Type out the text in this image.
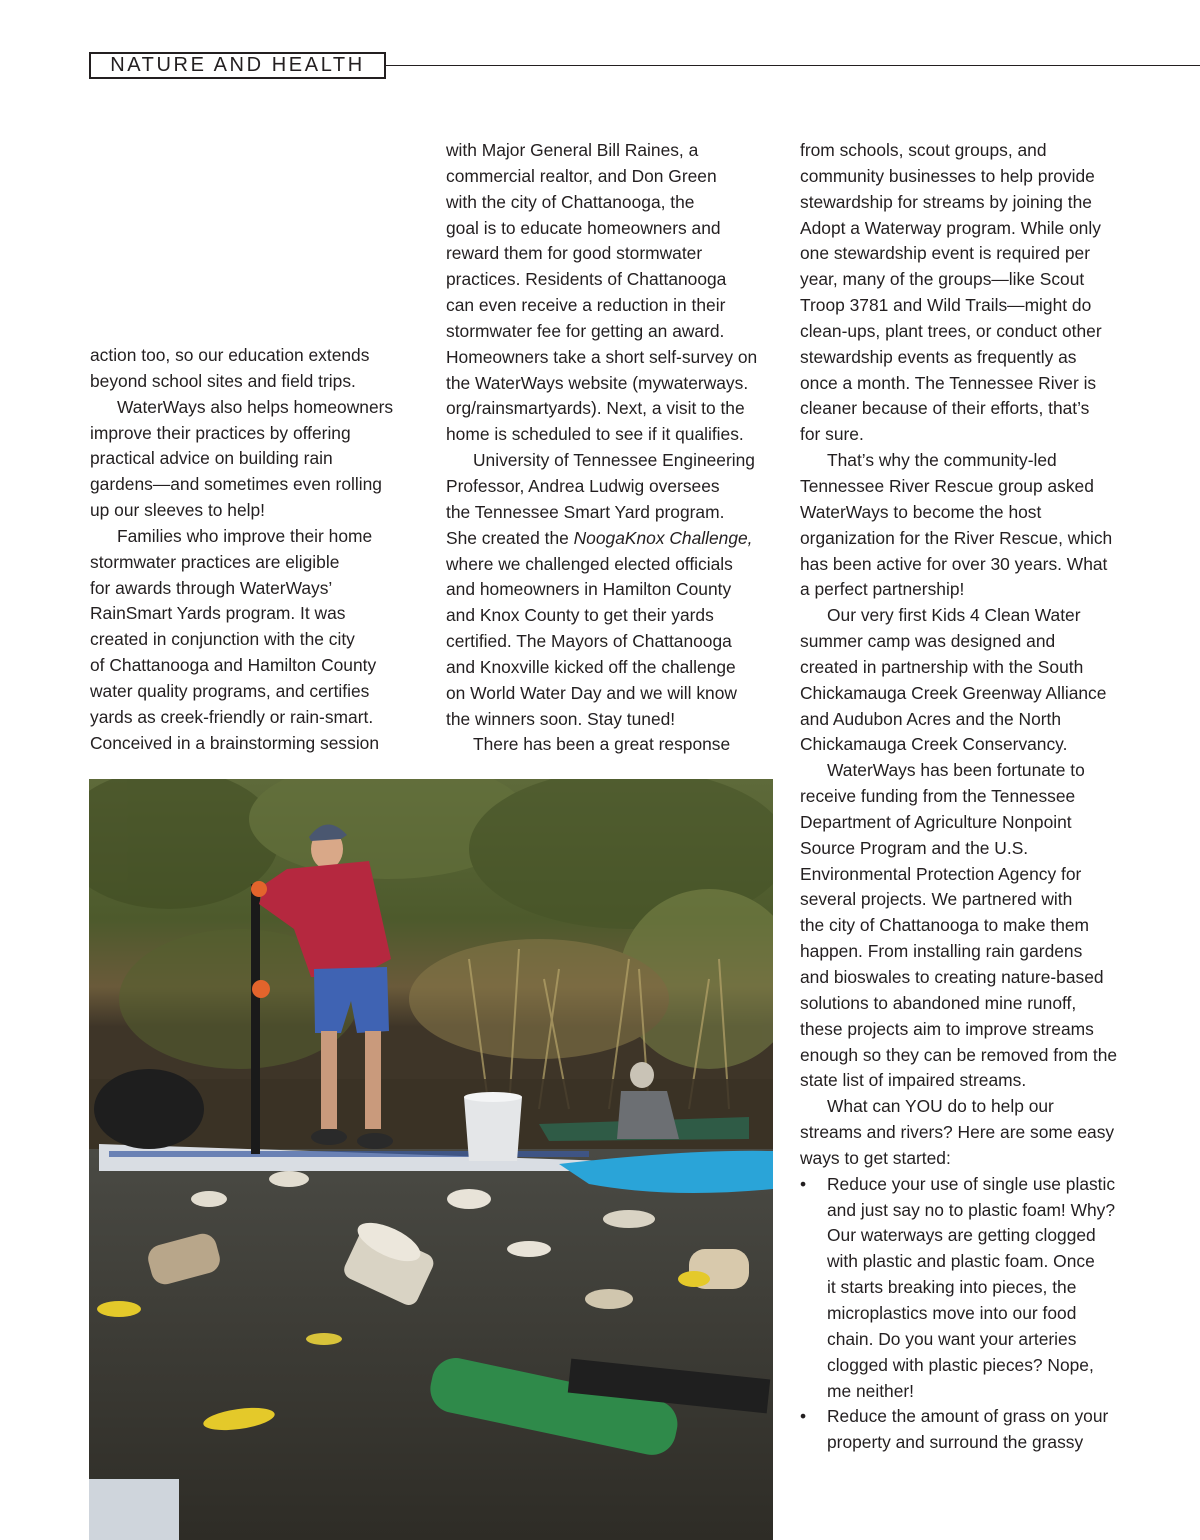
NATURE AND HEALTH
action too, so our education extends
beyond school sites and field trips.
WaterWays also helps homeowners
improve their practices by offering
practical advice on building rain
gardens—and sometimes even rolling
up our sleeves to help!
Families who improve their home
stormwater practices are eligible
for awards through WaterWays’
RainSmart Yards program. It was
created in conjunction with the city
of Chattanooga and Hamilton County
water quality programs, and certifies
yards as creek-friendly or rain-smart.
Conceived in a brainstorming session
with Major General Bill Raines, a
commercial realtor, and Don Green
with the city of Chattanooga, the
goal is to educate homeowners and
reward them for good stormwater
practices. Residents of Chattanooga
can even receive a reduction in their
stormwater fee for getting an award.
Homeowners take a short self-survey on
the WaterWays website (mywaterways.
org/rainsmartyards). Next, a visit to the
home is scheduled to see if it qualifies.
University of Tennessee Engineering
Professor, Andrea Ludwig oversees
the Tennessee Smart Yard program.
She created the NoogaKnox Challenge,
where we challenged elected officials
and homeowners in Hamilton County
and Knox County to get their yards
certified. The Mayors of Chattanooga
and Knoxville kicked off the challenge
on World Water Day and we will know
the winners soon. Stay tuned!
There has been a great response
from schools, scout groups, and
community businesses to help provide
stewardship for streams by joining the
Adopt a Waterway program. While only
one stewardship event is required per
year, many of the groups—like Scout
Troop 3781 and Wild Trails—might do
clean-ups, plant trees, or conduct other
stewardship events as frequently as
once a month. The Tennessee River is
cleaner because of their efforts, that’s
for sure.
That’s why the community-led
Tennessee River Rescue group asked
WaterWays to become the host
organization for the River Rescue, which
has been active for over 30 years. What
a perfect partnership!
Our very first Kids 4 Clean Water
summer camp was designed and
created in partnership with the South
Chickamauga Creek Greenway Alliance
and Audubon Acres and the North
Chickamauga Creek Conservancy.
WaterWays has been fortunate to
receive funding from the Tennessee
Department of Agriculture Nonpoint
Source Program and the U.S.
Environmental Protection Agency for
several projects. We partnered with
the city of Chattanooga to make them
happen. From installing rain gardens
and bioswales to creating nature-based
solutions to abandoned mine runoff,
these projects aim to improve streams
enough so they can be removed from the
state list of impaired streams.
What can YOU do to help our
streams and rivers? Here are some easy
ways to get started:
• Reduce your use of single use plastic
and just say no to plastic foam! Why?
Our waterways are getting clogged
with plastic and plastic foam. Once
it starts breaking into pieces, the
microplastics move into our food
chain. Do you want your arteries
clogged with plastic pieces? Nope,
me neither!
• Reduce the amount of grass on your
property and surround the grassy
